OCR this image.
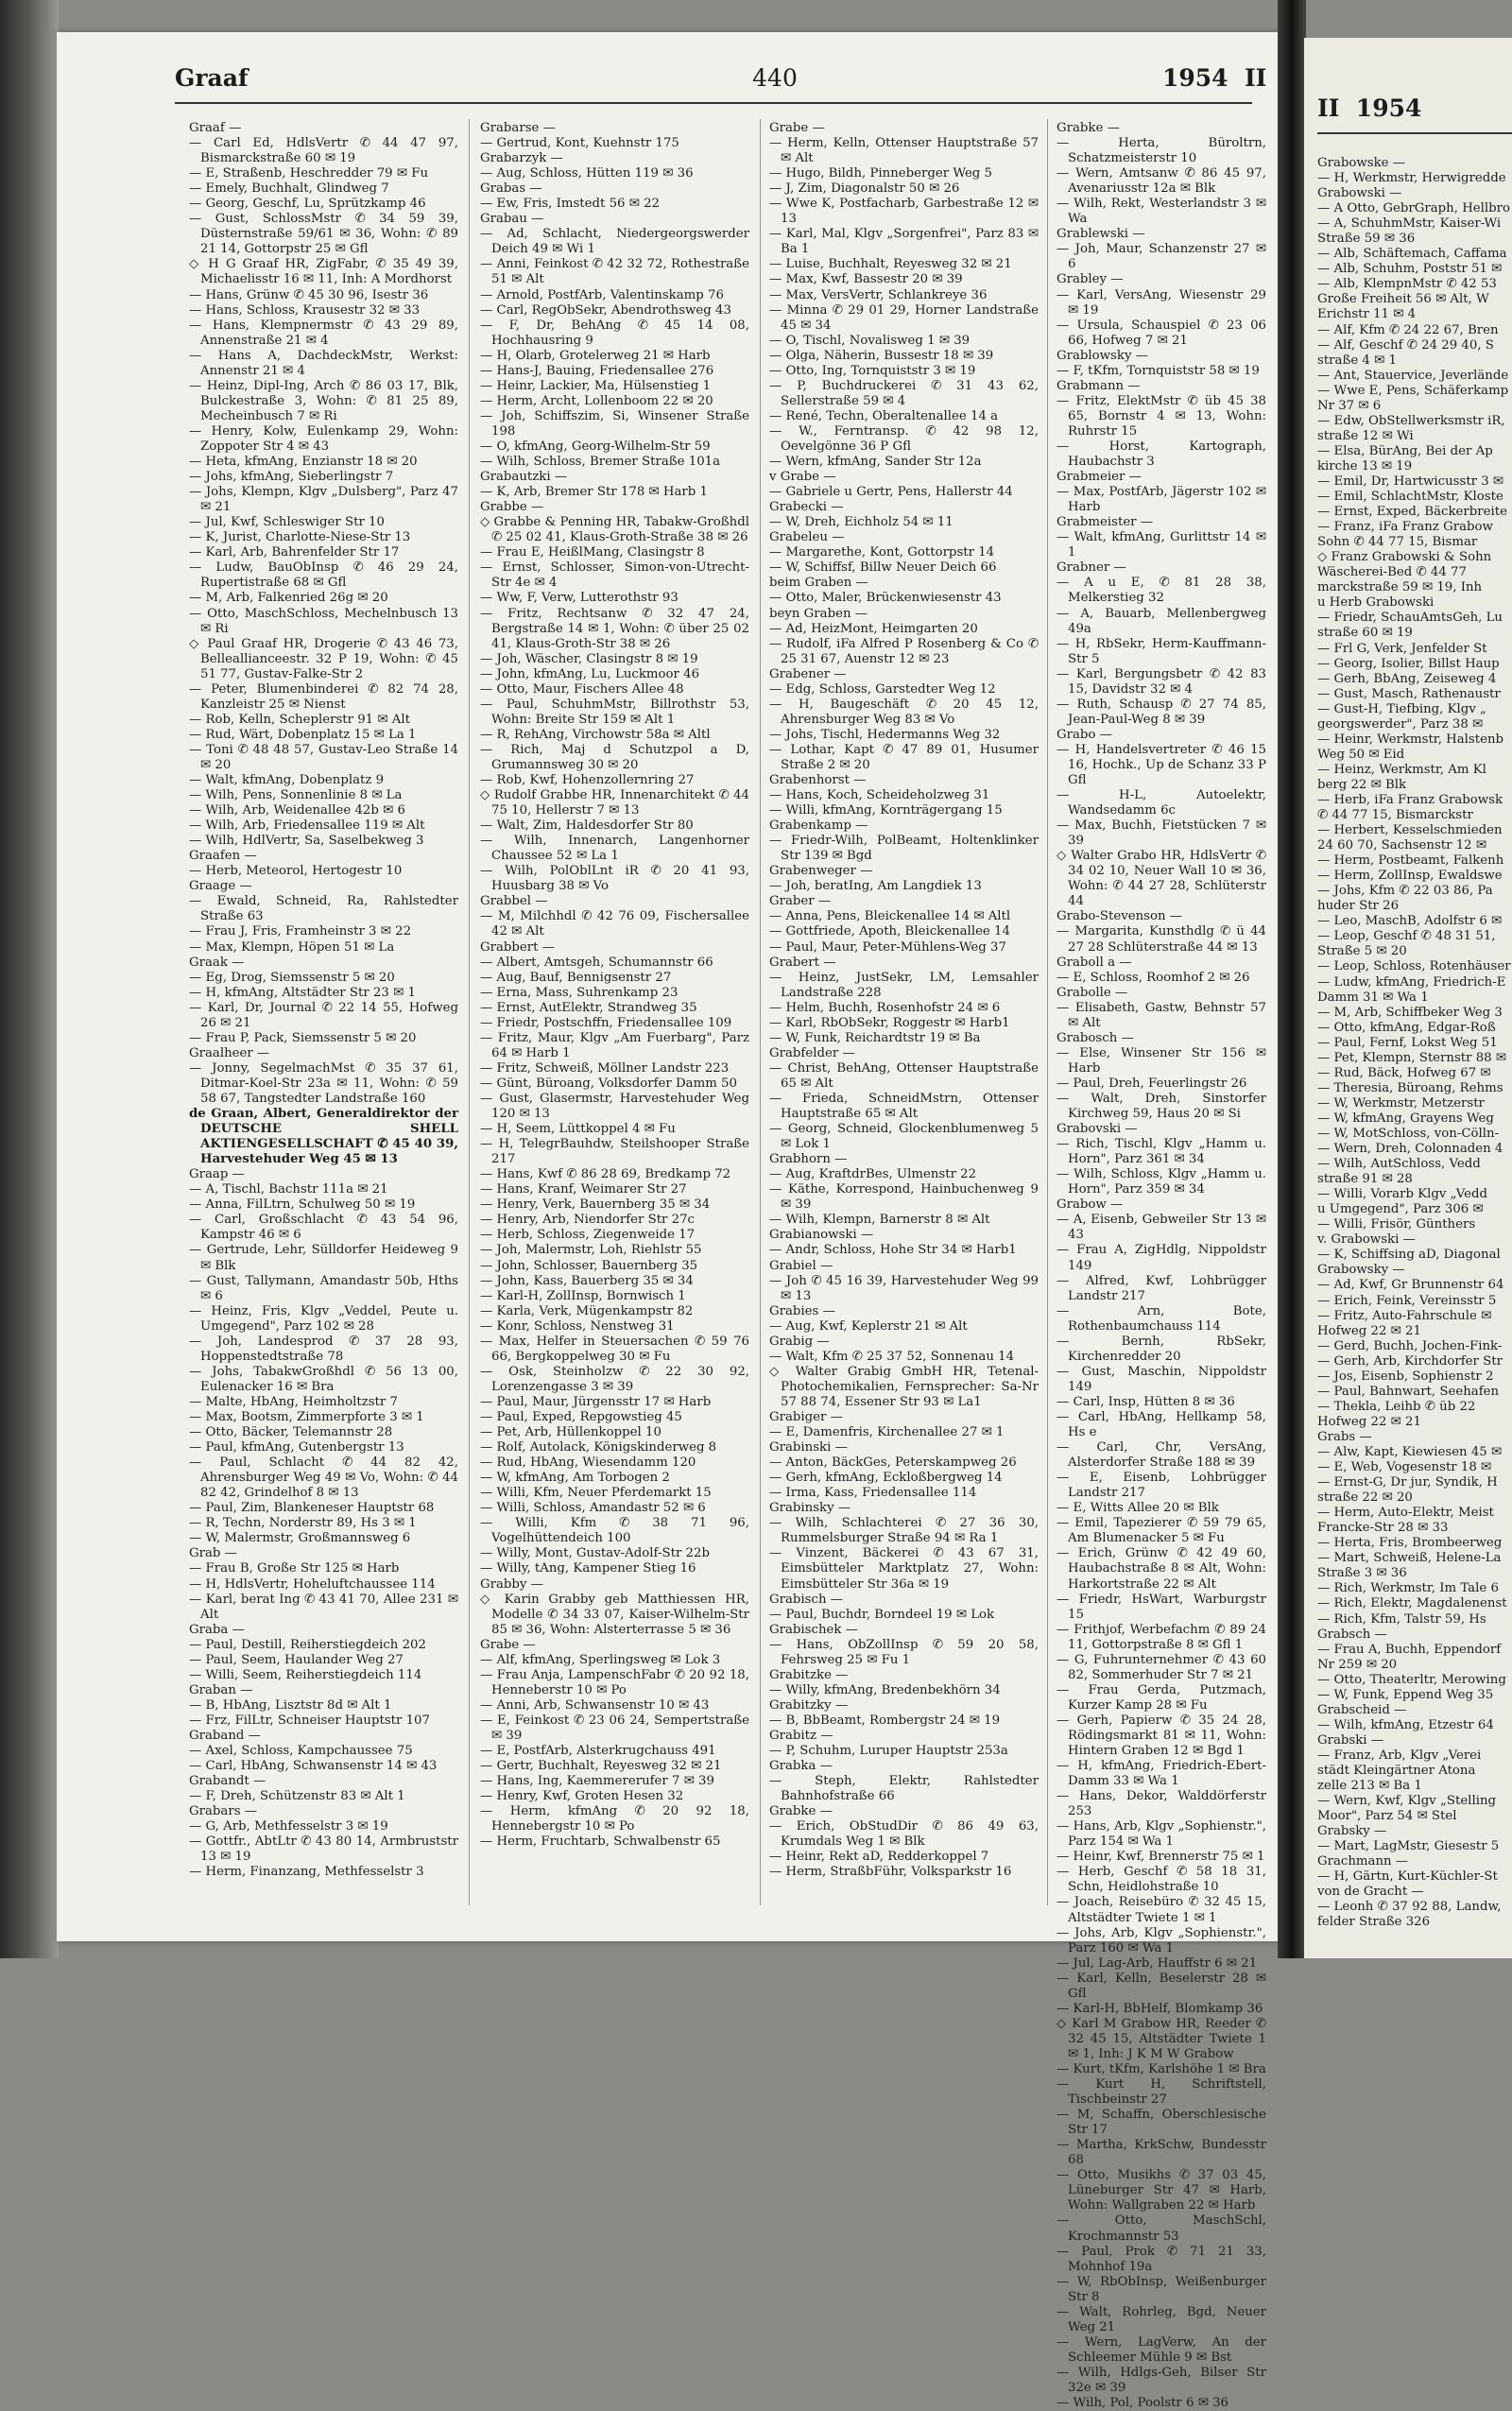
Graaf	440	1954  II

Graaf —

— Carl Ed, HdlsVertr ✆ 44 47 97, Bismarckstraße 60 ✉ 19

— E, Straßenb, Heschredder 79 ✉ Fu

— Emely, Buchhalt, Glindweg 7

— Georg, Geschf, Lu, Sprützkamp 46

— Gust, SchlossMstr ✆ 34 59 39, Düsternstraße 59/61 ✉ 36, Wohn: ✆ 89 21 14, Gottorpstr 25 ✉ Gfl

◇ H G Graaf HR, ZigFabr, ✆ 35 49 39, Michaelisstr 16 ✉ 11, Inh: A Mordhorst

— Hans, Grünw ✆ 45 30 96, Isestr 36

— Hans, Schloss, Krausestr 32 ✉ 33

— Hans, Klempnermstr ✆ 43 29 89, Annenstraße 21 ✉ 4

— Hans A, DachdeckMstr, Werkst: Annenstr 21 ✉ 4

— Heinz, Dipl-Ing, Arch ✆ 86 03 17, Blk, Bulckestraße 3, Wohn: ✆ 81 25 89, Mecheinbusch 7 ✉ Ri

— Henry, Kolw, Eulenkamp 29, Wohn: Zoppoter Str 4 ✉ 43

— Heta, kfmAng, Enzianstr 18 ✉ 20

— Johs, kfmAng, Sieberlingstr 7

— Johs, Klempn, Klgv „Dulsberg", Parz 47 ✉ 21

— Jul, Kwf, Schleswiger Str 10

— K, Jurist, Charlotte-Niese-Str 13

— Karl, Arb, Bahrenfelder Str 17

— Ludw, BauObInsp ✆ 46 29 24, Rupertistraße 68 ✉ Gfl

— M, Arb, Falkenried 26g ✉ 20

— Otto, MaschSchloss, Mechelnbusch 13 ✉ Ri

◇ Paul Graaf HR, Drogerie ✆ 43 46 73, Belleallianceestr. 32 P 19, Wohn: ✆ 45 51 77, Gustav-Falke-Str 2

— Peter, Blumenbinderei ✆ 82 74 28, Kanzleistr 25 ✉ Nienst

— Rob, Kelln, Scheplerstr 91 ✉ Alt

— Rud, Wärt, Dobenplatz 15 ✉ La 1

— Toni ✆ 48 48 57, Gustav-Leo Straße 14 ✉ 20

— Walt, kfmAng, Dobenplatz 9

— Wilh, Pens, Sonnenlinie 8 ✉ La

— Wilh, Arb, Weidenallee 42b ✉ 6

— Wilh, Arb, Friedensallee 119 ✉ Alt

— Wilh, HdlVertr, Sa, Saselbekweg 3

Graafen —

— Herb, Meteorol, Hertogestr 10

Graage —

— Ewald, Schneid, Ra, Rahlstedter Straße 63

— Frau J, Fris, Framheinstr 3 ✉ 22

— Max, Klempn, Höpen 51 ✉ La

Graak —

— Eg, Drog, Siemssenstr 5 ✉ 20

— H, kfmAng, Altstädter Str 23 ✉ 1

— Karl, Dr, Journal ✆ 22 14 55, Hofweg 26 ✉ 21

— Frau P, Pack, Siemssenstr 5 ✉ 20

Graalheer —

— Jonny, SegelmachMst ✆ 35 37 61, Ditmar-Koel-Str 23a ✉ 11, Wohn: ✆ 59 58 67, Tangstedter Landstraße 160

de Graan, Albert, Generaldirektor der DEUTSCHE SHELL AKTIENGESELLSCHAFT ✆ 45 40 39, Harvestehuder Weg 45 ✉ 13

Graap —

— A, Tischl, Bachstr 111a ✉ 21

— Anna, FilLtrn, Schulweg 50 ✉ 19

— Carl, Großschlacht ✆ 43 54 96, Kampstr 46 ✉ 6

— Gertrude, Lehr, Sülldorfer Heideweg 9 ✉ Blk

— Gust, Tallymann, Amandastr 50b, Hths ✉ 6

— Heinz, Fris, Klgv „Veddel, Peute u. Umgegend", Parz 102 ✉ 28

— Joh, Landesprod ✆ 37 28 93, Hoppenstedtstraße 78

— Johs, TabakwGroßhdl ✆ 56 13 00, Eulenacker 16 ✉ Bra

— Malte, HbAng, Heimholtzstr 7

— Max, Bootsm, Zimmerpforte 3 ✉ 1

— Otto, Bäcker, Telemannstr 28

— Paul, kfmAng, Gutenbergstr 13

— Paul, Schlacht ✆ 44 82 42, Ahrensburger Weg 49 ✉ Vo, Wohn: ✆ 44 82 42, Grindelhof 8 ✉ 13

— Paul, Zim, Blankeneser Hauptstr 68

— R, Techn, Norderstr 89, Hs 3 ✉ 1

— W, Malermstr, Großmannsweg 6

Grab —

— Frau B, Große Str 125 ✉ Harb

— H, HdlsVertr, Hoheluftchaussee 114

— Karl, berat Ing ✆ 43 41 70, Allee 231 ✉ Alt

Graba —

— Paul, Destill, Reiherstiegdeich 202

— Paul, Seem, Haulander Weg 27

— Willi, Seem, Reiherstiegdeich 114

Graban —

— B, HbAng, Lisztstr 8d ✉ Alt 1

— Frz, FilLtr, Schneiser Hauptstr 107

Graband —

— Axel, Schloss, Kampchaussee 75

— Carl, HbAng, Schwansenstr 14 ✉ 43

Grabandt —

— F, Dreh, Schützenstr 83 ✉ Alt 1

Grabars —

— G, Arb, Methfesselstr 3 ✉ 19

— Gottfr., AbtLtr ✆ 43 80 14, Armbruststr 13 ✉ 19

— Herm, Finanzang, Methfesselstr 3

Grabarse —

— Gertrud, Kont, Kuehnstr 175

Grabarzyk —

— Aug, Schloss, Hütten 119 ✉ 36

Grabas —

— Ew, Fris, Imstedt 56 ✉ 22

Grabau —

— Ad, Schlacht, Niedergeorgswerder Deich 49 ✉ Wi 1

— Anni, Feinkost ✆ 42 32 72, Rothestraße 51 ✉ Alt

— Arnold, PostfArb, Valentinskamp 76

— Carl, RegObSekr, Abendrothsweg 43

— F, Dr, BehAng ✆ 45 14 08, Hochhausring 9

— H, Olarb, Grotelerweg 21 ✉ Harb

— Hans-J, Bauing, Friedensallee 276

— Heinr, Lackier, Ma, Hülsenstieg 1

— Herm, Archt, Lollenboom 22 ✉ 20

— Joh, Schiffszim, Si, Winsener Straße 198

— O, kfmAng, Georg-Wilhelm-Str 59

— Wilh, Schloss, Bremer Straße 101a

Grabautzki —

— K, Arb, Bremer Str 178 ✉ Harb 1

Grabbe —

◇ Grabbe & Penning HR, Tabakw-Großhdl ✆ 25 02 41, Klaus-Groth-Straße 38 ✉ 26

— Frau E, HeißlMang, Clasingstr 8

— Ernst, Schlosser, Simon-von-Utrecht-Str 4e ✉ 4

— Ww, F, Verw, Lutterothstr 93

— Fritz, Rechtsanw ✆ 32 47 24, Bergstraße 14 ✉ 1, Wohn: ✆ über 25 02 41, Klaus-Groth-Str 38 ✉ 26

— Joh, Wäscher, Clasingstr 8 ✉ 19

— John, kfmAng, Lu, Luckmoor 46

— Otto, Maur, Fischers Allee 48

— Paul, SchuhmMstr, Billrothstr 53, Wohn: Breite Str 159 ✉ Alt 1

— R, RehAng, Virchowstr 58a ✉ Altl

— Rich, Maj d Schutzpol a D, Grumannsweg 30 ✉ 20

— Rob, Kwf, Hohenzollernring 27

◇ Rudolf Grabbe HR, Innenarchitekt ✆ 44 75 10, Hellerstr 7 ✉ 13

— Walt, Zim, Haldesdorfer Str 80

— Wilh, Innenarch, Langenhorner Chaussee 52 ✉ La 1

— Wilh, PolOblLnt iR ✆ 20 41 93, Huusbarg 38 ✉ Vo

Grabbel —

— M, Milchhdl ✆ 42 76 09, Fischersallee 42 ✉ Alt

Grabbert —

— Albert, Amtsgeh, Schumannstr 66

— Aug, Bauf, Bennigsenstr 27

— Erna, Mass, Suhrenkamp 23

— Ernst, AutElektr, Strandweg 35

— Friedr, Postschffn, Friedensallee 109

— Fritz, Maur, Klgv „Am Fuerbarg", Parz 64 ✉ Harb 1

— Fritz, Schweiß, Möllner Landstr 223

— Günt, Büroang, Volksdorfer Damm 50

— Gust, Glasermstr, Harvestehuder Weg 120 ✉ 13

— H, Seem, Lüttkoppel 4 ✉ Fu

— H, TelegrBauhdw, Steilshooper Straße 217

— Hans, Kwf ✆ 86 28 69, Bredkamp 72

— Hans, Kranf, Weimarer Str 27

— Henry, Verk, Bauernberg 35 ✉ 34

— Henry, Arb, Niendorfer Str 27c

— Herb, Schloss, Ziegenweide 17

— Joh, Malermstr, Loh, Riehlstr 55

— John, Schlosser, Bauernberg 35

— John, Kass, Bauerberg 35 ✉ 34

— Karl-H, ZollInsp, Bornwisch 1

— Karla, Verk, Mügenkampstr 82

— Konr, Schloss, Nenstweg 31

— Max, Helfer in Steuersachen ✆ 59 76 66, Bergkoppelweg 30 ✉ Fu

— Osk, Steinholzw ✆ 22 30 92, Lorenzengasse 3 ✉ 39

— Paul, Maur, Jürgensstr 17 ✉ Harb

— Paul, Exped, Repgowstieg 45

— Pet, Arb, Hüllenkoppel 10

— Rolf, Autolack, Königskinderweg 8

— Rud, HbAng, Wiesendamm 120

— W, kfmAng, Am Torbogen 2

— Willi, Kfm, Neuer Pferdemarkt 15

— Willi, Schloss, Amandastr 52 ✉ 6

— Willi, Kfm ✆ 38 71 96, Vogelhüttendeich 100

— Willy, Mont, Gustav-Adolf-Str 22b

— Willy, tAng, Kampener Stieg 16

Grabby —

◇ Karin Grabby geb Matthiessen HR, Modelle ✆ 34 33 07, Kaiser-Wilhelm-Str 85 ✉ 36, Wohn: Alsterterrasse 5 ✉ 36

Grabe —

— Alf, kfmAng, Sperlingsweg ✉ Lok 3

— Frau Anja, LampenschFabr ✆ 20 92 18, Henneberstr 10 ✉ Po

— Anni, Arb, Schwansenstr 10 ✉ 43

— E, Feinkost ✆ 23 06 24, Sempertstraße ✉ 39

— E, PostfArb, Alsterkrugchauss 491

— Gertr, Buchhalt, Reyesweg 32 ✉ 21

— Hans, Ing, Kaemmererufer 7 ✉ 39

— Henry, Kwf, Groten Hesen 32

— Herm, kfmAng ✆ 20 92 18, Hennebergstr 10 ✉ Po

— Herm, Fruchtarb, Schwalbenstr 65

Grabe —

— Herm, Kelln, Ottenser Hauptstraße 57 ✉ Alt

— Hugo, Bildh, Pinneberger Weg 5

— J, Zim, Diagonalstr 50 ✉ 26

— Wwe K, Postfacharb, Garbestraße 12 ✉ 13

— Karl, Mal, Klgv „Sorgenfrei", Parz 83 ✉ Ba 1

— Luise, Buchhalt, Reyesweg 32 ✉ 21

— Max, Kwf, Bassestr 20 ✉ 39

— Max, VersVertr, Schlankreye 36

— Minna ✆ 29 01 29, Horner Landstraße 45 ✉ 34

— O, Tischl, Novalisweg 1 ✉ 39

— Olga, Näherin, Bussestr 18 ✉ 39

— Otto, Ing, Tornquiststr 3 ✉ 19

— P, Buchdruckerei ✆ 31 43 62, Sellerstraße 59 ✉ 4

— René, Techn, Oberaltenallee 14 a

— W., Ferntransp. ✆ 42 98 12, Oevelgönne 36 P Gfl

— Wern, kfmAng, Sander Str 12a

v Grabe —

— Gabriele u Gertr, Pens, Hallerstr 44

Grabecki —

— W, Dreh, Eichholz 54 ✉ 11

Grabeleu —

— Margarethe, Kont, Gottorpstr 14

— W, Schiffsf, Billw Neuer Deich 66

beim Graben —

— Otto, Maler, Brückenwiesenstr 43

beyn Graben —

— Ad, HeizMont, Heimgarten 20

— Rudolf, iFa Alfred P Rosenberg & Co ✆ 25 31 67, Auenstr 12 ✉ 23

Grabener —

— Edg, Schloss, Garstedter Weg 12

— H, Baugeschäft ✆ 20 45 12, Ahrensburger Weg 83 ✉ Vo

— Johs, Tischl, Hedermanns Weg 32

— Lothar, Kapt ✆ 47 89 01, Husumer Straße 2 ✉ 20

Grabenhorst —

— Hans, Koch, Scheideholzweg 31

— Willi, kfmAng, Kornträgergang 15

Grabenkamp —

— Friedr-Wilh, PolBeamt, Holtenklinker Str 139 ✉ Bgd

Grabenweger —

— Joh, beratIng, Am Langdiek 13

Graber —

— Anna, Pens, Bleickenallee 14 ✉ Altl

— Gottfriede, Apoth, Bleickenallee 14

— Paul, Maur, Peter-Mühlens-Weg 37

Grabert —

— Heinz, JustSekr, LM, Lemsahler Landstraße 228

— Helm, Buchh, Rosenhofstr 24 ✉ 6

— Karl, RbObSekr, Roggestr ✉ Harb1

— W, Funk, Reichardtstr 19 ✉ Ba

Grabfelder —

— Christ, BehAng, Ottenser Hauptstraße 65 ✉ Alt

— Frieda, SchneidMstrn, Ottenser Hauptstraße 65 ✉ Alt

— Georg, Schneid, Glockenblumenweg 5 ✉ Lok 1

Grabhorn —

— Aug, KraftdrBes, Ulmenstr 22

— Käthe, Korrespond, Hainbuchenweg 9 ✉ 39

— Wilh, Klempn, Barnerstr 8 ✉ Alt

Grabianowski —

— Andr, Schloss, Hohe Str 34 ✉ Harb1

Grabiel —

— Joh ✆ 45 16 39, Harvestehuder Weg 99 ✉ 13

Grabies —

— Aug, Kwf, Keplerstr 21 ✉ Alt

Grabig —

— Walt, Kfm ✆ 25 37 52, Sonnenau 14

◇ Walter Grabig GmbH HR, Tetenal-Photochemikalien, Fernsprecher: Sa-Nr 57 88 74, Essener Str 93 ✉ La1

Grabiger —

— E, Damenfris, Kirchenallee 27 ✉ 1

Grabinski —

— Anton, BäckGes, Peterskampweg 26

— Gerh, kfmAng, Eckloßbergweg 14

— Irma, Kass, Friedensallee 114

Grabinsky —

— Wilh, Schlachterei ✆ 27 36 30, Rummelsburger Straße 94 ✉ Ra 1

— Vinzent, Bäckerei ✆ 43 67 31, Eimsbütteler Marktplatz 27, Wohn: Eimsbütteler Str 36a ✉ 19

Grabisch —

— Paul, Buchdr, Borndeel 19 ✉ Lok

Grabischek —

— Hans, ObZollInsp ✆ 59 20 58, Fehrsweg 25 ✉ Fu 1

Grabitzke —

— Willy, kfmAng, Bredenbekhörn 34

Grabitzky —

— B, BbBeamt, Rombergstr 24 ✉ 19

Grabitz —

— P, Schuhm, Luruper Hauptstr 253a

Grabka —

— Steph, Elektr, Rahlstedter Bahnhofstraße 66

Grabke —

— Erich, ObStudDir ✆ 86 49 63, Krumdals Weg 1 ✉ Blk

— Heinr, Rekt aD, Redderkoppel 7

— Herm, StraßbFühr, Volksparkstr 16

Grabke —

— Herta, Büroltrn, Schatzmeisterstr 10

— Wern, Amtsanw ✆ 86 45 97, Avenariusstr 12a ✉ Blk

— Wilh, Rekt, Westerlandstr 3 ✉ Wa

Grablewski —

— Joh, Maur, Schanzenstr 27 ✉ 6

Grabley —

— Karl, VersAng, Wiesenstr 29 ✉ 19

— Ursula, Schauspiel ✆ 23 06 66, Hofweg 7 ✉ 21

Grablowsky —

— F, tKfm, Tornquiststr 58 ✉ 19

Grabmann —

— Fritz, ElektMstr ✆ üb 45 38 65, Bornstr 4 ✉ 13, Wohn: Ruhrstr 15

— Horst, Kartograph, Haubachstr 3

Grabmeier —

— Max, PostfArb, Jägerstr 102 ✉ Harb

Grabmeister —

— Walt, kfmAng, Gurlittstr 14 ✉ 1

Grabner —

— A u E, ✆ 81 28 38, Melkerstieg 32

— A, Bauarb, Mellenbergweg 49a

— H, RbSekr, Herm-Kauffmann-Str 5

— Karl, Bergungsbetr ✆ 42 83 15, Davidstr 32 ✉ 4

— Ruth, Schausp ✆ 27 74 85, Jean-Paul-Weg 8 ✉ 39

Grabo —

— H, Handelsvertreter ✆ 46 15 16, Hochk., Up de Schanz 33 P Gfl

— H-L, Autoelektr, Wandsedamm 6c

— Max, Buchh, Fietstücken 7 ✉ 39

◇ Walter Grabo HR, HdlsVertr ✆ 34 02 10, Neuer Wall 10 ✉ 36, Wohn: ✆ 44 27 28, Schlüterstr 44

Grabo-Stevenson —

— Margarita, Kunsthdlg ✆ ü 44 27 28 Schlüterstraße 44 ✉ 13

Graboll a —

— E, Schloss, Roomhof 2 ✉ 26

Grabolle —

— Elisabeth, Gastw, Behnstr 57 ✉ Alt

Grabosch —

— Else, Winsener Str 156 ✉ Harb

— Paul, Dreh, Feuerlingstr 26

— Walt, Dreh, Sinstorfer Kirchweg 59, Haus 20 ✉ Si

Grabovski —

— Rich, Tischl, Klgv „Hamm u. Horn", Parz 361 ✉ 34

— Wilh, Schloss, Klgv „Hamm u. Horn", Parz 359 ✉ 34

Grabow —

— A, Eisenb, Gebweiler Str 13 ✉ 43

— Frau A, ZigHdlg, Nippoldstr 149

— Alfred, Kwf, Lohbrügger Landstr 217

— Arn, Bote, Rothenbaumchauss 114

— Bernh, RbSekr, Kirchenredder 20

— Gust, Maschin, Nippoldstr 149

— Carl, Insp, Hütten 8 ✉ 36

— Carl, HbAng, Hellkamp 58, Hs e

— Carl, Chr, VersAng, Alsterdorfer Straße 188 ✉ 39

— E, Eisenb, Lohbrügger Landstr 217

— E, Witts Allee 20 ✉ Blk

— Emil, Tapezierer ✆ 59 79 65, Am Blumenacker 5 ✉ Fu

— Erich, Grünw ✆ 42 49 60, Haubachstraße 8 ✉ Alt, Wohn: Harkortstraße 22 ✉ Alt

— Friedr, HsWart, Warburgstr 15

— Frithjof, Werbefachm ✆ 89 24 11, Gottorpstraße 8 ✉ Gfl 1

— G, Fuhrunternehmer ✆ 43 60 82, Sommerhuder Str 7 ✉ 21

— Frau Gerda, Putzmach, Kurzer Kamp 28 ✉ Fu

— Gerh, Papierw ✆ 35 24 28, Rödingsmarkt 81 ✉ 11, Wohn: Hintern Graben 12 ✉ Bgd 1

— H, kfmAng, Friedrich-Ebert-Damm 33 ✉ Wa 1

— Hans, Dekor, Walddörferstr 253

— Hans, Arb, Klgv „Sophienstr.", Parz 154 ✉ Wa 1

— Heinr, Kwf, Brennerstr 75 ✉ 1

— Herb, Geschf ✆ 58 18 31, Schn, Heidlohstraße 10

— Joach, Reisebüro ✆ 32 45 15, Altstädter Twiete 1 ✉ 1

— Johs, Arb, Klgv „Sophienstr.", Parz 160 ✉ Wa 1

— Jul, Lag-Arb, Hauffstr 6 ✉ 21

— Karl, Kelln, Beselerstr 28 ✉ Gfl

— Karl-H, BbHelf, Blomkamp 36

◇ Karl M Grabow HR, Reeder ✆ 32 45 15, Altstädter Twiete 1 ✉ 1, Inh: J K M W Grabow

— Kurt, tKfm, Karlshöhe 1 ✉ Bra

— Kurt H, Schriftstell, Tischbeinstr 27

— M, Schaffn, Oberschlesische Str 17

— Martha, KrkSchw, Bundesstr 68

— Otto, Musikhs ✆ 37 03 45, Lüneburger Str 47 ✉ Harb, Wohn: Wallgraben 22 ✉ Harb

— Otto, MaschSchl, Krochmannstr 53

— Paul, Prok ✆ 71 21 33, Mohnhof 19a

— W, RbObInsp, Weißenburger Str 8

— Walt, Rohrleg, Bgd, Neuer Weg 21

— Wern, LagVerw, An der Schleemer Mühle 9 ✉ Bst

— Wilh, Hdlgs-Geh, Bilser Str 32e ✉ 39

— Wilh, Pol, Poolstr 6 ✉ 36

II  1954

Grabowske —

— H, Werkmstr, Herwigredde

Grabowski —

— A Otto, GebrGraph, Hellbro

— A, SchuhmMstr, Kaiser-Wi

Straße 59 ✉ 36

— Alb, Schäftemach, Caffama

— Alb, Schuhm, Poststr 51 ✉

— Alb, KlempnMstr ✆ 42 53

Große Freiheit 56 ✉ Alt, W

Erichstr 11 ✉ 4

— Alf, Kfm ✆ 24 22 67, Bren

— Alf, Geschf ✆ 24 29 40, S

straße 4 ✉ 1

— Ant, Stauervice, Jeverlände

— Wwe E, Pens, Schäferkamp

Nr 37 ✉ 6

— Edw, ObStellwerksmstr iR,

straße 12 ✉ Wi

— Elsa, BürAng, Bei der Ap

kirche 13 ✉ 19

— Emil, Dr, Hartwicusstr 3 ✉

— Emil, SchlachtMstr, Kloste

— Ernst, Exped, Bäckerbreite

— Franz, iFa Franz Grabow

Sohn ✆ 44 77 15, Bismar

◇ Franz Grabowski & Sohn

Wäscherei-Bed ✆ 44 77

marckstraße 59 ✉ 19, Inh

u Herb Grabowski

— Friedr, SchauAmtsGeh, Lu

straße 60 ✉ 19

— Frl G, Verk, Jenfelder St

— Georg, Isolier, Billst Haup

— Gerh, BbAng, Zeiseweg 4

— Gust, Masch, Rathenaustr

— Gust-H, Tiefbing, Klgv „

georgswerder", Parz 38 ✉

— Heinr, Werkmstr, Halstenb

Weg 50 ✉ Eid

— Heinz, Werkmstr, Am Kl

berg 22 ✉ Blk

— Herb, iFa Franz Grabowsk

✆ 44 77 15, Bismarckstr

— Herbert, Kesselschmieden

24 60 70, Sachsenstr 12 ✉

— Herm, Postbeamt, Falkenh

— Herm, ZollInsp, Ewaldswe

— Johs, Kfm ✆ 22 03 86, Pa

huder Str 26

— Leo, MaschB, Adolfstr 6 ✉

— Leop, Geschf ✆ 48 31 51,

Straße 5 ✉ 20

— Leop, Schloss, Rotenhäuser

— Ludw, kfmAng, Friedrich-E

Damm 31 ✉ Wa 1

— M, Arb, Schiffbeker Weg 3

— Otto, kfmAng, Edgar-Roß

— Paul, Fernf, Lokst Weg 51

— Pet, Klempn, Sternstr 88 ✉

— Rud, Bäck, Hofweg 67 ✉

— Theresia, Büroang, Rehms

— W, Werkmstr, Metzerstr

— W, kfmAng, Grayens Weg

— W, MotSchloss, von-Cölln-

— Wern, Dreh, Colonnaden 4

— Wilh, AutSchloss, Vedd

straße 91 ✉ 28

— Willi, Vorarb Klgv „Vedd

u Umgegend", Parz 306 ✉

— Willi, Frisör, Günthers

v. Grabowski —

— K, Schiffsing aD, Diagonal

Grabowsky —

— Ad, Kwf, Gr Brunnenstr 64

— Erich, Feink, Vereinsstr 5

— Fritz, Auto-Fahrschule ✉

Hofweg 22 ✉ 21

— Gerd, Buchh, Jochen-Fink-

— Gerh, Arb, Kirchdorfer Str

— Jos, Eisenb, Sophienstr 2

— Paul, Bahnwart, Seehafen

— Thekla, Leihb ✆ üb 22

Hofweg 22 ✉ 21

Grabs —

— Alw, Kapt, Kiewiesen 45 ✉

— E, Web, Vogesenstr 18 ✉

— Ernst-G, Dr jur, Syndik, H

straße 22 ✉ 20

— Herm, Auto-Elektr, Meist

Francke-Str 28 ✉ 33

— Herta, Fris, Brombeerweg

— Mart, Schweiß, Helene-La

Straße 3 ✉ 36

— Rich, Werkmstr, Im Tale 6

— Rich, Elektr, Magdalenenst

— Rich, Kfm, Talstr 59, Hs

Grabsch —

— Frau A, Buchh, Eppendorf

Nr 259 ✉ 20

— Otto, Theaterltr, Merowing

— W, Funk, Eppend Weg 35

Grabscheid —

— Wilh, kfmAng, Etzestr 64

Grabski —

— Franz, Arb, Klgv „Verei

städt Kleingärtner Atona

zelle 213 ✉ Ba 1

— Wern, Kwf, Klgv „Stelling

Moor", Parz 54 ✉ Stel

Grabsky —

— Mart, LagMstr, Giesestr 5

Grachmann —

— H, Gärtn, Kurt-Küchler-St

von de Gracht —

— Leonh ✆ 37 92 88, Landw,

felder Straße 326
